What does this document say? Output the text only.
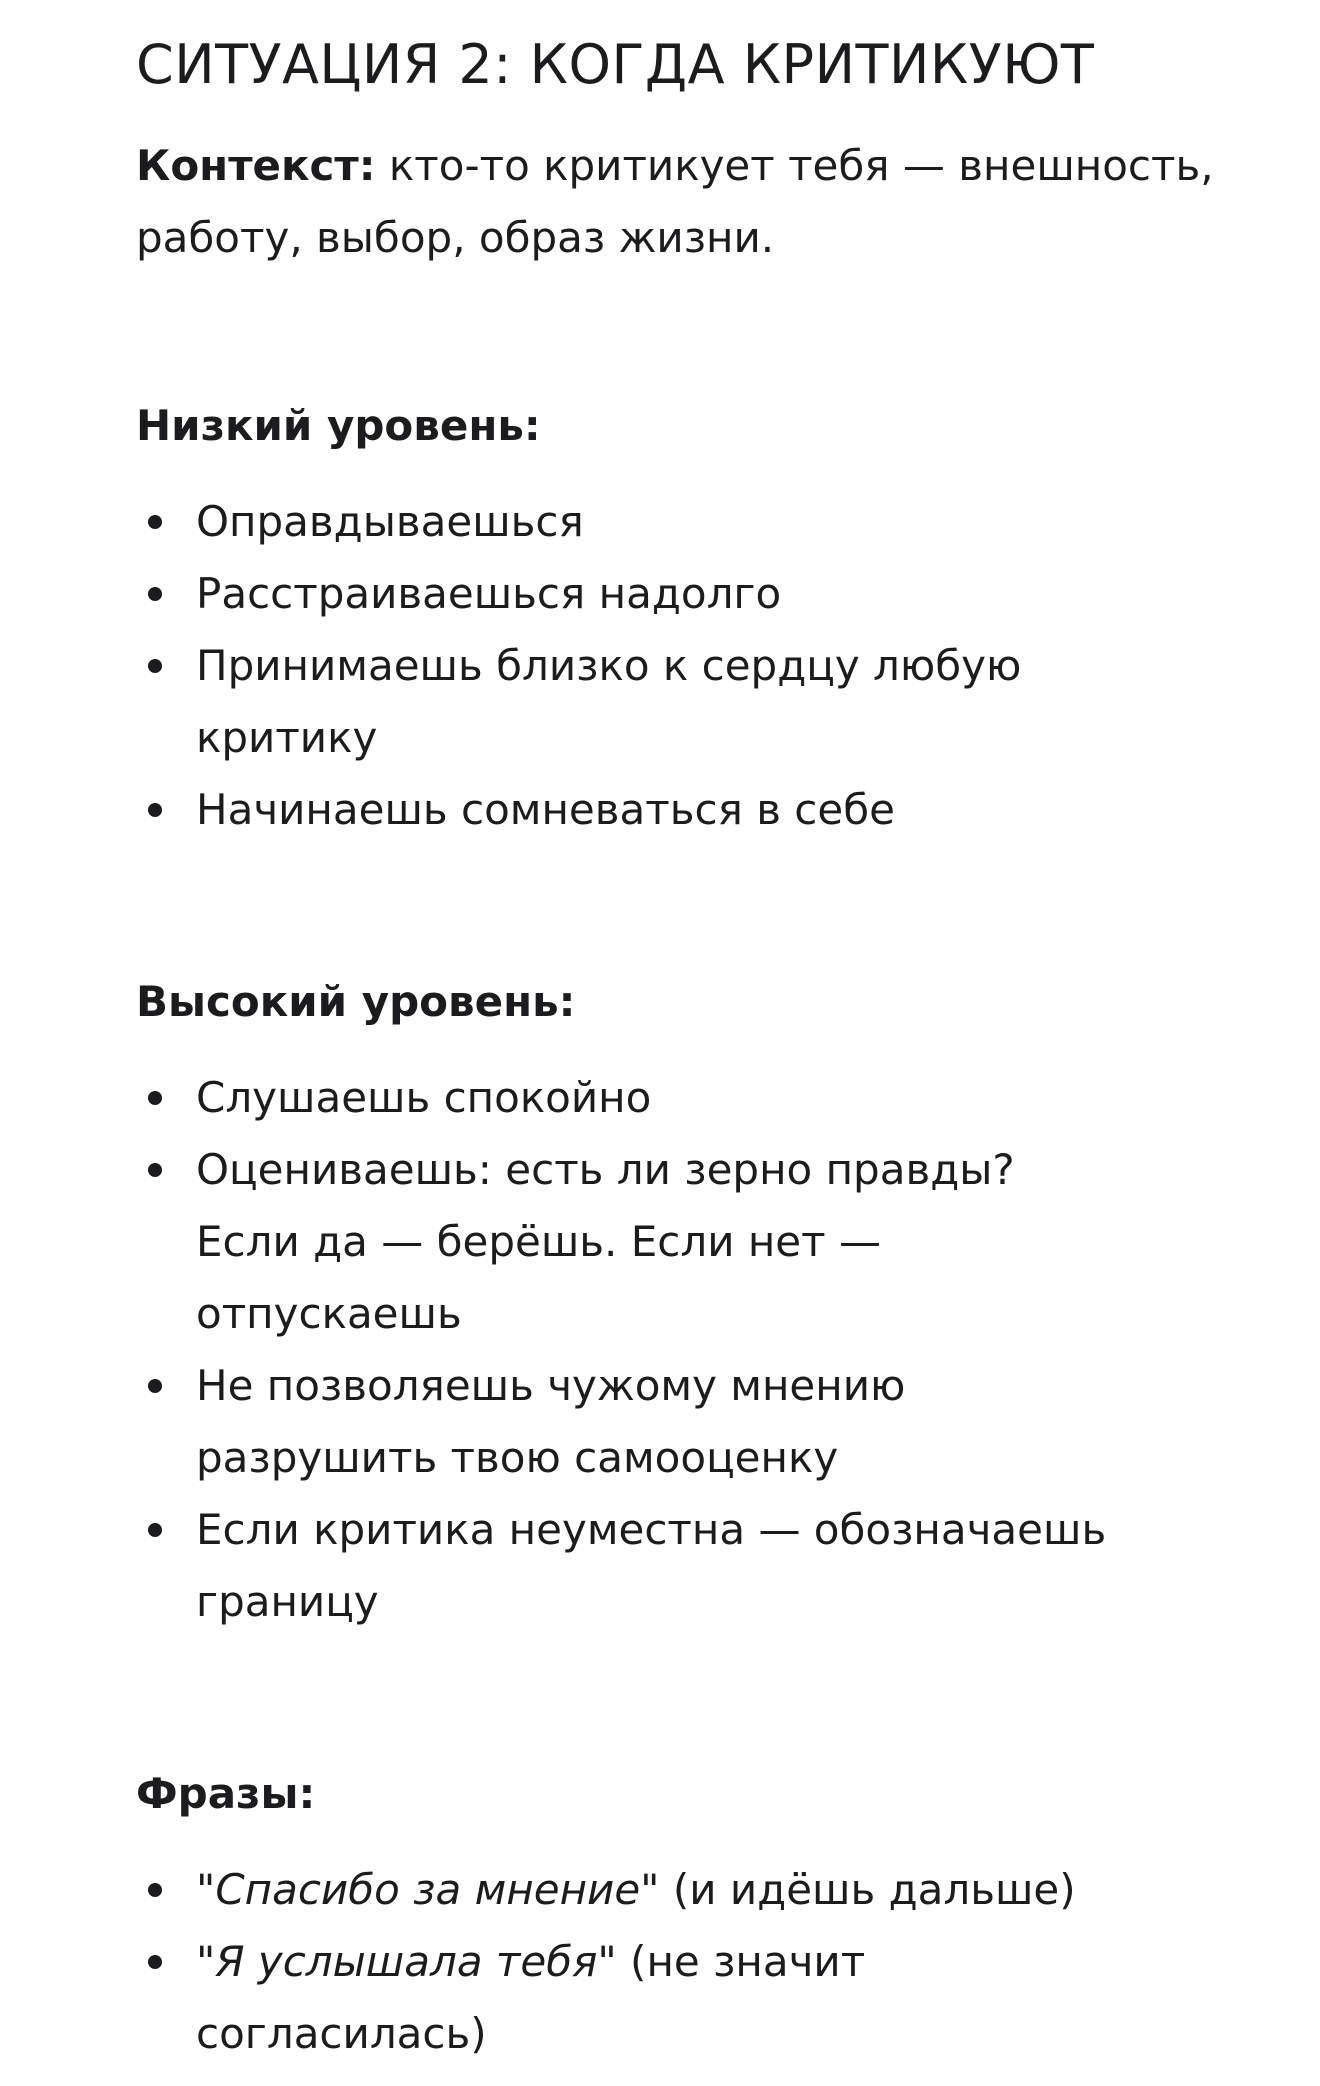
СИТУАЦИЯ 2: КОГДА КРИТИКУЮТ

Контекст: кто-то критикует тебя — внешность, работу, выбор, образ жизни.

Низкий уровень:
Оправдываешься
Расстраиваешься надолго
Принимаешь близко к сердцу любую критику
Начинаешь сомневаться в себе
Высокий уровень:
Слушаешь спокойно
Оцениваешь: есть ли зерно правды? Если да — берёшь. Если нет — отпускаешь
Не позволяешь чужому мнению разрушить твою самооценку
Если критика неуместна — обозначаешь границу
Фразы:
"Спасибо за мнение" (и идёшь дальше)
"Я услышала тебя" (не значит согласилась)
